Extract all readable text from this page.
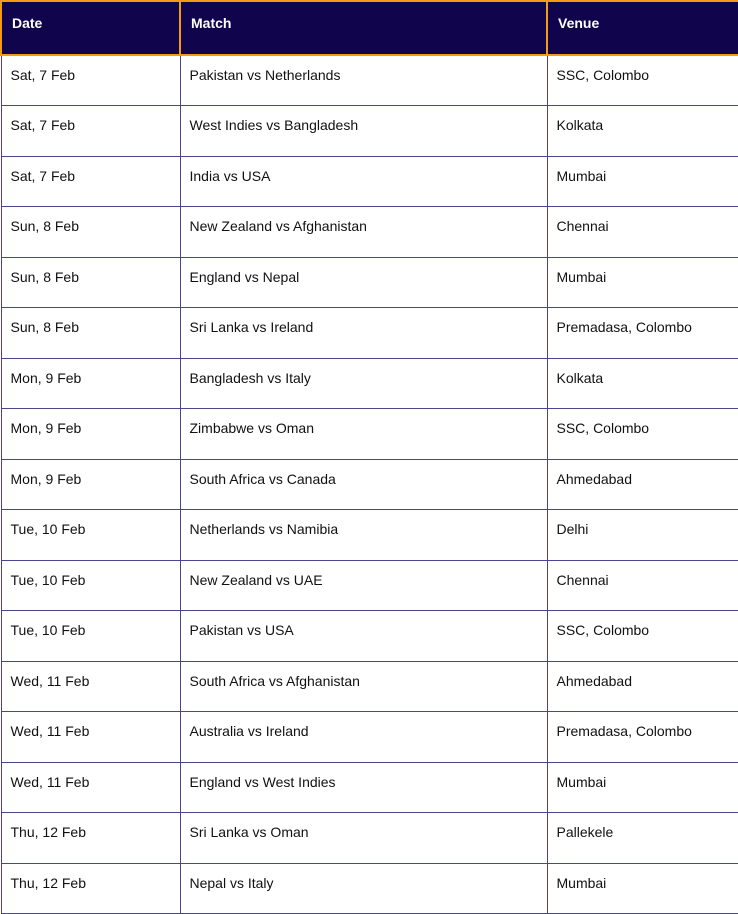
Date	Match	Venue
Sat, 7 Feb	Pakistan vs Netherlands	SSC, Colombo
Sat, 7 Feb	West Indies vs Bangladesh	Kolkata
Sat, 7 Feb	India vs USA	Mumbai
Sun, 8 Feb	New Zealand vs Afghanistan	Chennai
Sun, 8 Feb	England vs Nepal	Mumbai
Sun, 8 Feb	Sri Lanka vs Ireland	Premadasa, Colombo
Mon, 9 Feb	Bangladesh vs Italy	Kolkata
Mon, 9 Feb	Zimbabwe vs Oman	SSC, Colombo
Mon, 9 Feb	South Africa vs Canada	Ahmedabad
Tue, 10 Feb	Netherlands vs Namibia	Delhi
Tue, 10 Feb	New Zealand vs UAE	Chennai
Tue, 10 Feb	Pakistan vs USA	SSC, Colombo
Wed, 11 Feb	South Africa vs Afghanistan	Ahmedabad
Wed, 11 Feb	Australia vs Ireland	Premadasa, Colombo
Wed, 11 Feb	England vs West Indies	Mumbai
Thu, 12 Feb	Sri Lanka vs Oman	Pallekele
Thu, 12 Feb	Nepal vs Italy	Mumbai
